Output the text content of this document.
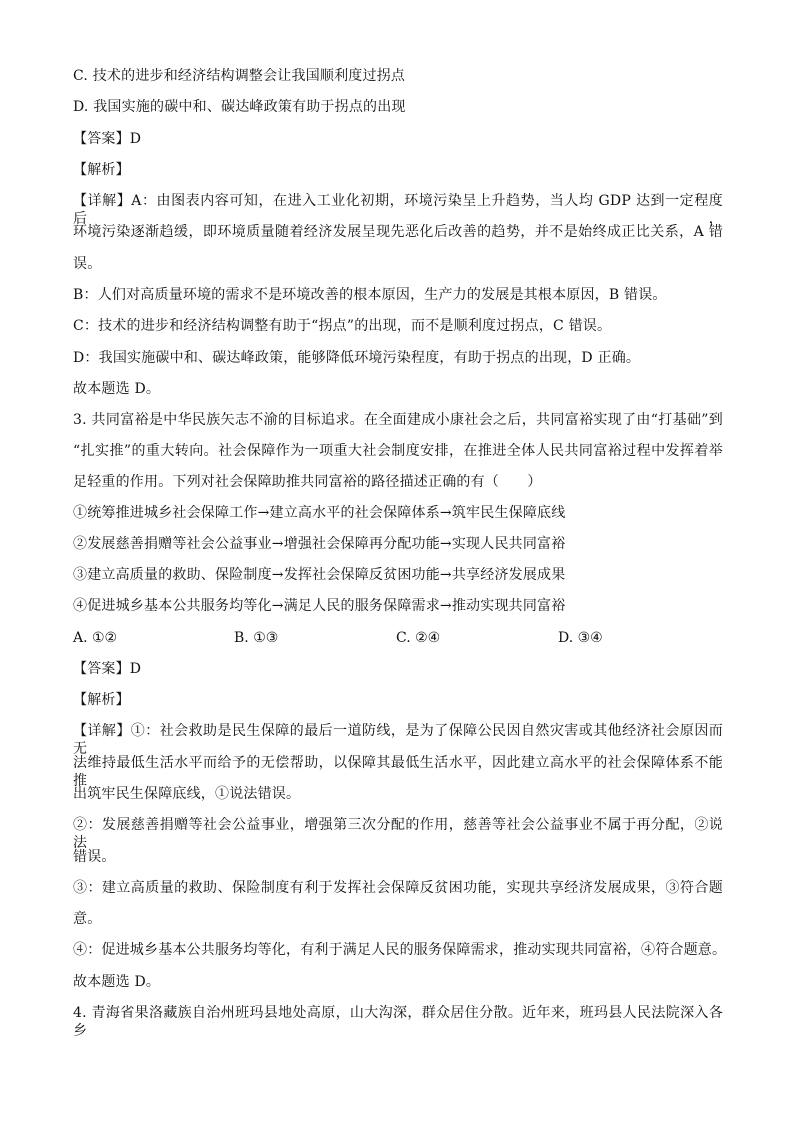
C. 技术的进步和经济结构调整会让我国顺利度过拐点
D. 我国实施的碳中和、碳达峰政策有助于拐点的出现
【答案】D
【解析】
【详解】A：由图表内容可知，在进入工业化初期，环境污染呈上升趋势，当人均 GDP 达到一定程度后，
环境污染逐渐趋缓，即环境质量随着经济发展呈现先恶化后改善的趋势，并不是始终成正比关系，A 错
误。
B：人们对高质量环境的需求不是环境改善的根本原因，生产力的发展是其根本原因，B 错误。
C：技术的进步和经济结构调整有助于“拐点”的出现，而不是顺利度过拐点，C 错误。
D：我国实施碳中和、碳达峰政策，能够降低环境污染程度，有助于拐点的出现，D 正确。
故本题选 D。
3. 共同富裕是中华民族矢志不渝的目标追求。在全面建成小康社会之后，共同富裕实现了由“打基础”到
“扎实推”的重大转向。社会保障作为一项重大社会制度安排，在推进全体人民共同富裕过程中发挥着举
足轻重的作用。下列对社会保障助推共同富裕的路径描述正确的有（　　）
①统筹推进城乡社会保障工作→建立高水平的社会保障体系→筑牢民生保障底线
②发展慈善捐赠等社会公益事业→增强社会保障再分配功能→实现人民共同富裕
③建立高质量的救助、保险制度→发挥社会保障反贫困功能→共享经济发展成果
④促进城乡基本公共服务均等化→满足人民的服务保障需求→推动实现共同富裕
A. ①②	B. ①③	C. ②④	D. ③④
【答案】D
【解析】
【详解】①：社会救助是民生保障的最后一道防线，是为了保障公民因自然灾害或其他经济社会原因而无
法维持最低生活水平而给予的无偿帮助，以保障其最低生活水平，因此建立高水平的社会保障体系不能推
出筑牢民生保障底线，①说法错误。
②：发展慈善捐赠等社会公益事业，增强第三次分配的作用，慈善等社会公益事业不属于再分配，②说法
错误。
③：建立高质量的救助、保险制度有利于发挥社会保障反贫困功能，实现共享经济发展成果，③符合题
意。
④：促进城乡基本公共服务均等化，有利于满足人民的服务保障需求，推动实现共同富裕，④符合题意。
故本题选 D。
4. 青海省果洛藏族自治州班玛县地处高原，山大沟深，群众居住分散。近年来，班玛县人民法院深入各乡
